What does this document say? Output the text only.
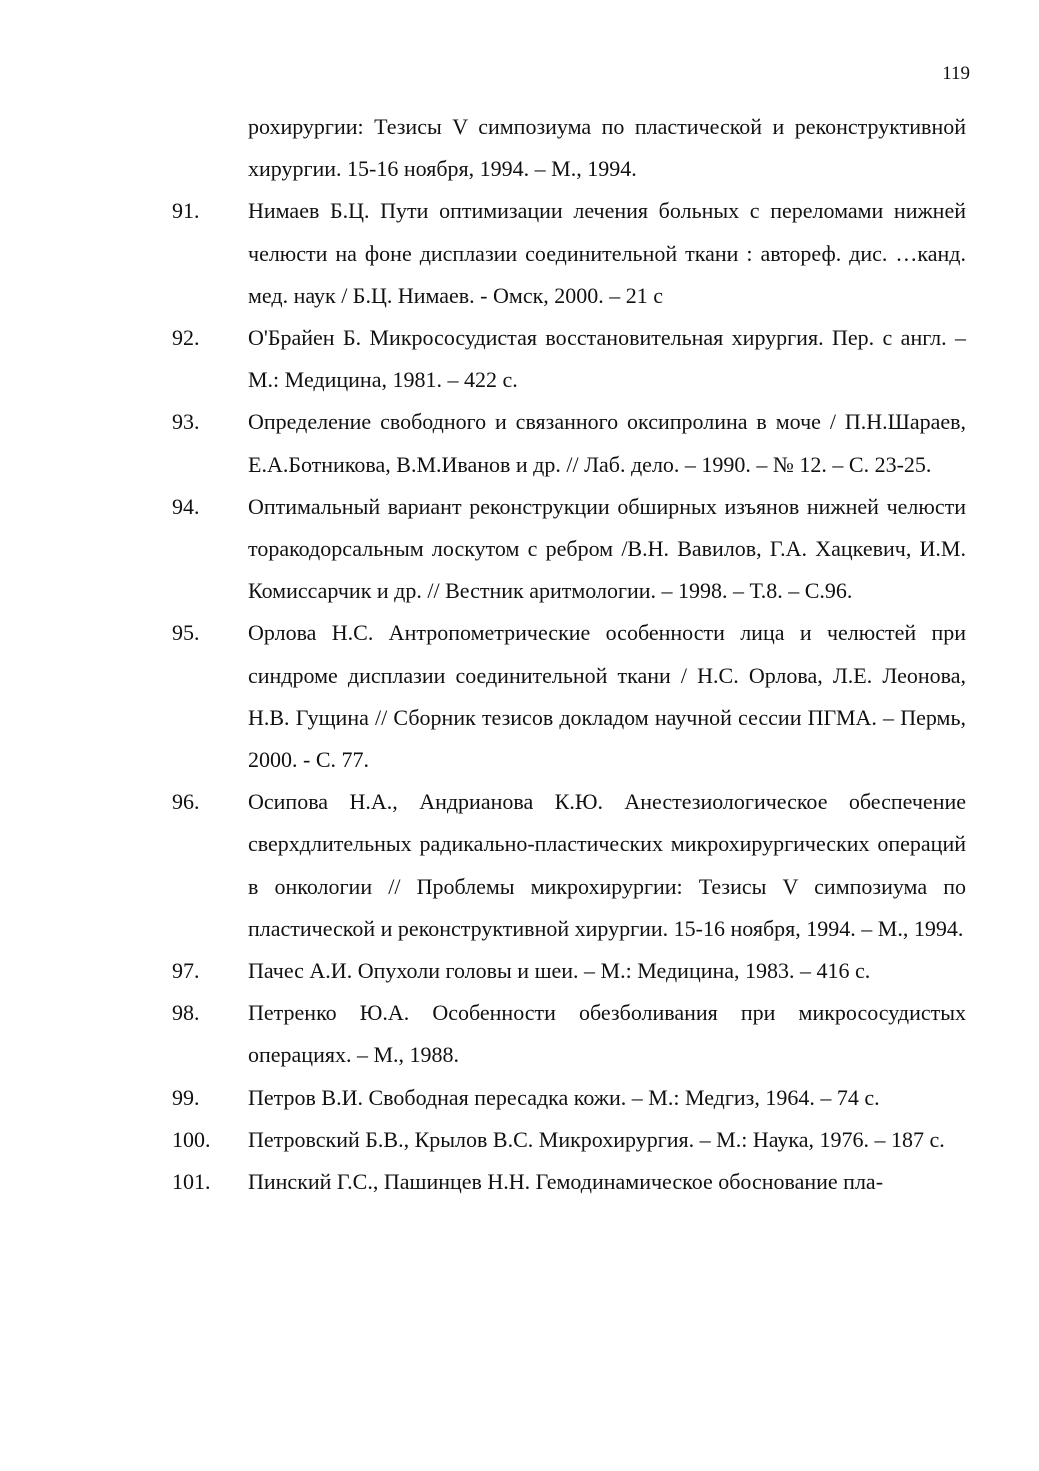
119
рохирургии: Тезисы V симпозиума по пластической и реконструктивной хирургии. 15-16 ноября, 1994. – М., 1994.
91. Нимаев Б.Ц. Пути оптимизации лечения больных с переломами нижней челюсти на фоне дисплазии соединительной ткани : автореф. дис. …канд. мед. наук / Б.Ц. Нимаев. - Омск, 2000. – 21 с
92. О'Брайен Б. Микрососудистая восстановительная хирургия. Пер. с англ. – М.: Медицина, 1981. – 422 с.
93. Определение свободного и связанного оксипролина в моче / П.Н.Шараев, Е.А.Ботникова, В.М.Иванов и др. // Лаб. дело. – 1990. – № 12. – С. 23-25.
94. Оптимальный вариант реконструкции обширных изъянов нижней челюсти торакодорсальным лоскутом с ребром /В.Н. Вавилов, Г.А. Хацкевич, И.М. Комиссарчик и др. // Вестник аритмологии. – 1998. – Т.8. – С.96.
95. Орлова Н.С. Антропометрические особенности лица и челюстей при синдроме дисплазии соединительной ткани / Н.С. Орлова, Л.Е. Леонова, Н.В. Гущина // Сборник тезисов докладом научной сессии ПГМА. – Пермь, 2000. - С. 77.
96. Осипова Н.А., Андрианова К.Ю. Анестезиологическое обеспечение сверхдлительных радикально-пластических микрохирургических операций в онкологии // Проблемы микрохирургии: Тезисы V симпозиума по пластической и реконструктивной хирургии. 15-16 ноября, 1994. – М., 1994.
97. Пачес А.И. Опухоли головы и шеи. – М.: Медицина, 1983. – 416 с.
98. Петренко Ю.А. Особенности обезболивания при микрососудистых операциях. – М., 1988.
99. Петров В.И. Свободная пересадка кожи. – М.: Медгиз, 1964. – 74 с.
100. Петровский Б.В., Крылов В.С. Микрохирургия. – М.: Наука, 1976. – 187 с.
101. Пинский Г.С., Пашинцев Н.Н. Гемодинамическое обоснование пла-
